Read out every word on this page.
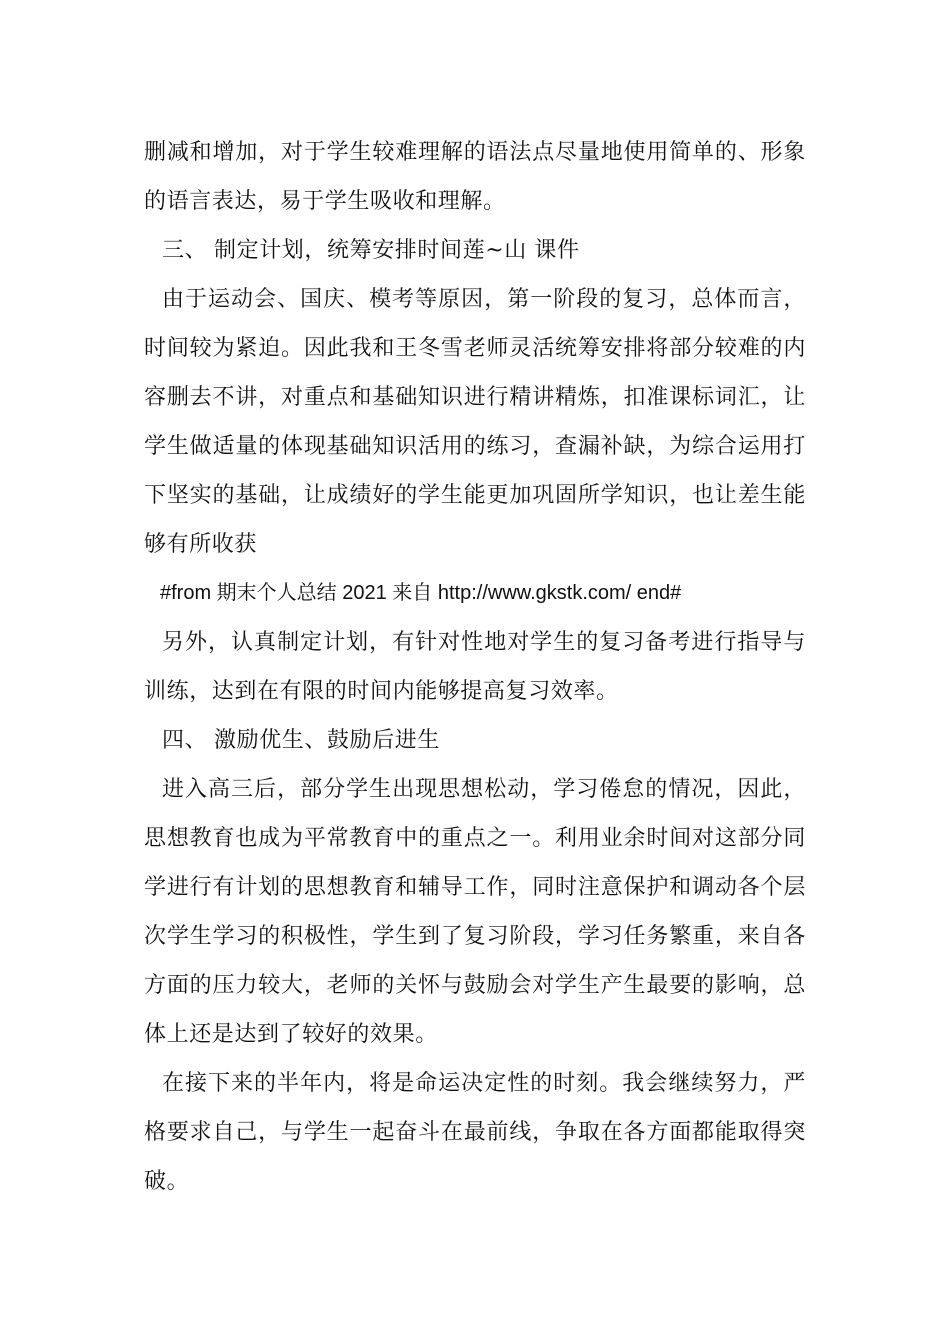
删减和增加，对于学生较难理解的语法点尽量地使用简单的、形象的语言表达，易于学生吸收和理解。

三、 制定计划，统筹安排时间莲~山 课件

由于运动会、国庆、模考等原因，第一阶段的复习，总体而言，时间较为紧迫。因此我和王冬雪老师灵活统筹安排将部分较难的内容删去不讲，对重点和基础知识进行精讲精炼，扣准课标词汇，让学生做适量的体现基础知识活用的练习，查漏补缺，为综合运用打下坚实的基础，让成绩好的学生能更加巩固所学知识，也让差生能够有所收获

#from 期末个人总结 2021 来自 http://www.gkstk.com/ end#

另外，认真制定计划，有针对性地对学生的复习备考进行指导与训练，达到在有限的时间内能够提高复习效率。

四、 激励优生、鼓励后进生

进入高三后，部分学生出现思想松动，学习倦怠的情况，因此，思想教育也成为平常教育中的重点之一。利用业余时间对这部分同学进行有计划的思想教育和辅导工作，同时注意保护和调动各个层次学生学习的积极性，学生到了复习阶段，学习任务繁重，来自各方面的压力较大，老师的关怀与鼓励会对学生产生最要的影响，总体上还是达到了较好的效果。

在接下来的半年内，将是命运决定性的时刻。我会继续努力，严格要求自己，与学生一起奋斗在最前线，争取在各方面都能取得突破。
